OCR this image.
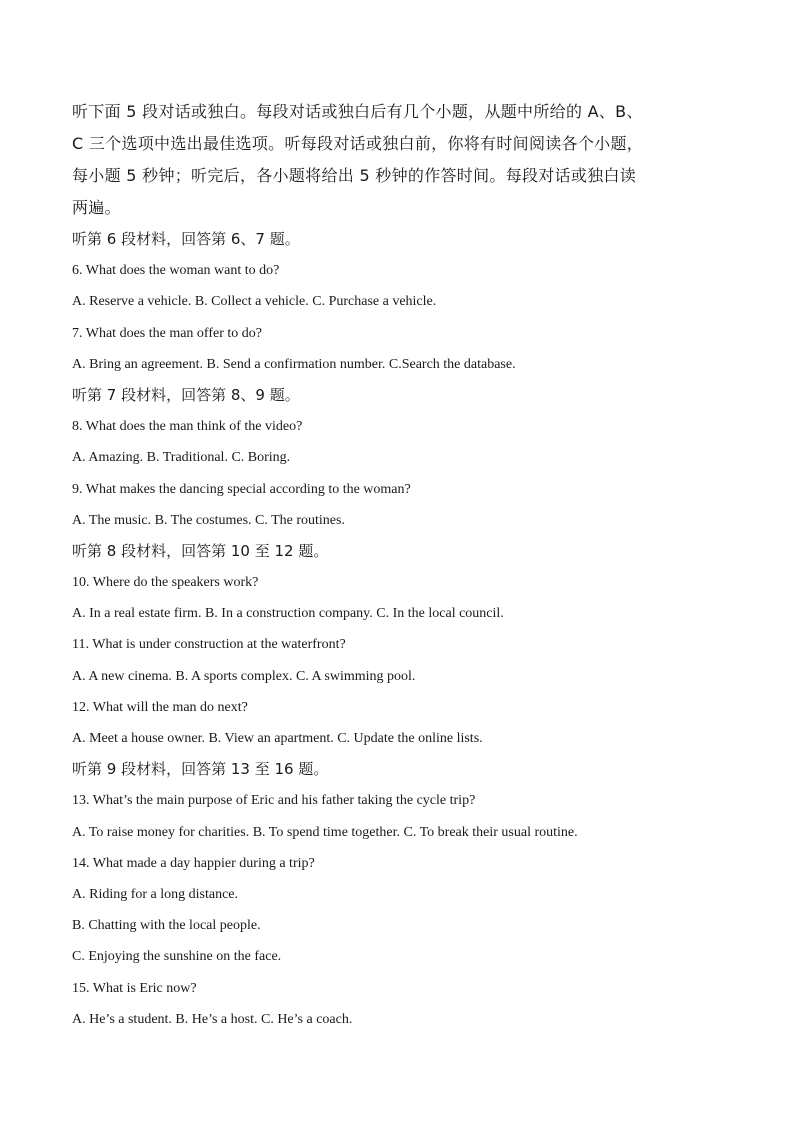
听下面 5 段对话或独白。每段对话或独白后有几个小题，从题中所给的 A、B、
C 三个选项中选出最佳选项。听每段对话或独白前，你将有时间阅读各个小题，
每小题 5 秒钟；听完后，各小题将给出 5 秒钟的作答时间。每段对话或独白读
两遍。
听第 6 段材料，回答第 6、7 题。
6. What does the woman want to do?
A. Reserve a vehicle. B. Collect a vehicle. C. Purchase a vehicle.
7. What does the man offer to do?
A. Bring an agreement. B. Send a confirmation number. C.Search the database.
听第 7 段材料，回答第 8、9 题。
8. What does the man think of the video?
A. Amazing. B. Traditional. C. Boring.
9. What makes the dancing special according to the woman?
A. The music. B. The costumes. C. The routines.
听第 8 段材料，回答第 10 至 12 题。
10. Where do the speakers work?
A. In a real estate firm. B. In a construction company. C. In the local council.
11. What is under construction at the waterfront?
A. A new cinema. B. A sports complex. C. A swimming pool.
12. What will the man do next?
A. Meet a house owner. B. View an apartment. C. Update the online lists.
听第 9 段材料，回答第 13 至 16 题。
13. What’s the main purpose of Eric and his father taking the cycle trip?
A. To raise money for charities. B. To spend time together. C. To break their usual routine.
14. What made a day happier during a trip?
A. Riding for a long distance.
B. Chatting with the local people.
C. Enjoying the sunshine on the face.
15. What is Eric now?
A. He’s a student. B. He’s a host. C. He’s a coach.
